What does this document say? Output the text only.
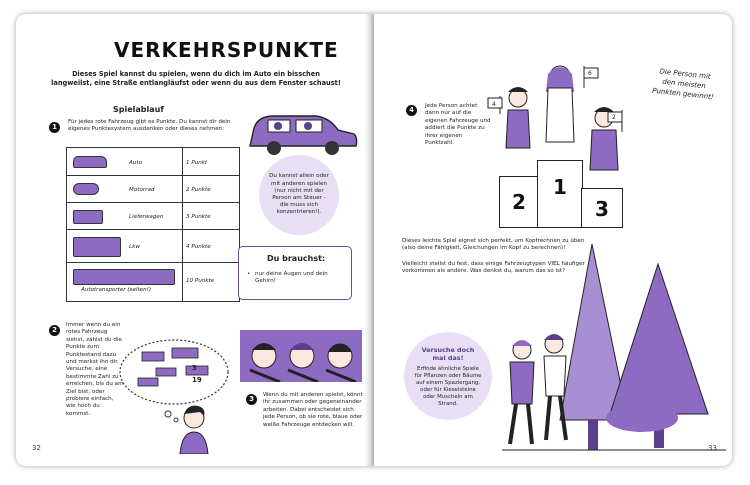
VERKEHRSPUNKTE
Dieses Spiel kannst du spielen, wenn du dich im Auto ein bisschen langweilst, eine Straße entlangläufst oder wenn du aus dem Fenster schaust!
Spielablauf
1
Für jedes rote Fahrzeug gibt es Punkte. Du kannst dir dein eigenes Punktesystem ausdenken oder dieses nehmen:
Auto
Motorrad
Lieferwagen
Lkw
Autotransporter (selten!)
1 Punkt
2 Punkte
3 Punkte
4 Punkte
10 Punkte
Du kannst allein oder mit anderen spielen (nur nicht mit der Person am Steuer - die muss sich konzentrieren!).
Du brauchst:
• nur deine Augen und dein Gehirn!
2
Immer wenn du ein rotes Fahrzeug siehst, zählst du die Punkte zum Punktestand dazu und merkst ihn dir. Versuche, eine bestimmte Zahl zu erreichen, bis du am Ziel bist, oder probiere einfach, wie hoch du kommst.
3
19
3	Wenn du mit anderen spielst, könnt ihr zusammen oder gegeneinander arbeiten. Dabei entscheidet sich jede Person, ob sie rote, blaue oder weiße Fahrzeuge entdecken will.
32
4	Jede Person achtet dann nur auf die eigenen Fahrzeuge und addiert die Punkte zu ihrer eigenen Punktzahl.
4
6
2
2
1
3
Die Person mit den meisten Punkten gewinnt!
Dieses leichte Spiel eignet sich perfekt, um Kopfrechnen zu üben (also deine Fähigkeit, Gleichungen im Kopf zu berechnen)!
Vielleicht stellst du fest, dass einige Fahrzeugtypen VIEL häufiger vorkommen als andere. Was denkst du, warum das so ist?
Versuche doch mal das!
Erfinde ähnliche Spiele für Pflanzen oder Bäume auf einem Spaziergang, oder für Kieselsteine oder Muscheln am Strand.
33
